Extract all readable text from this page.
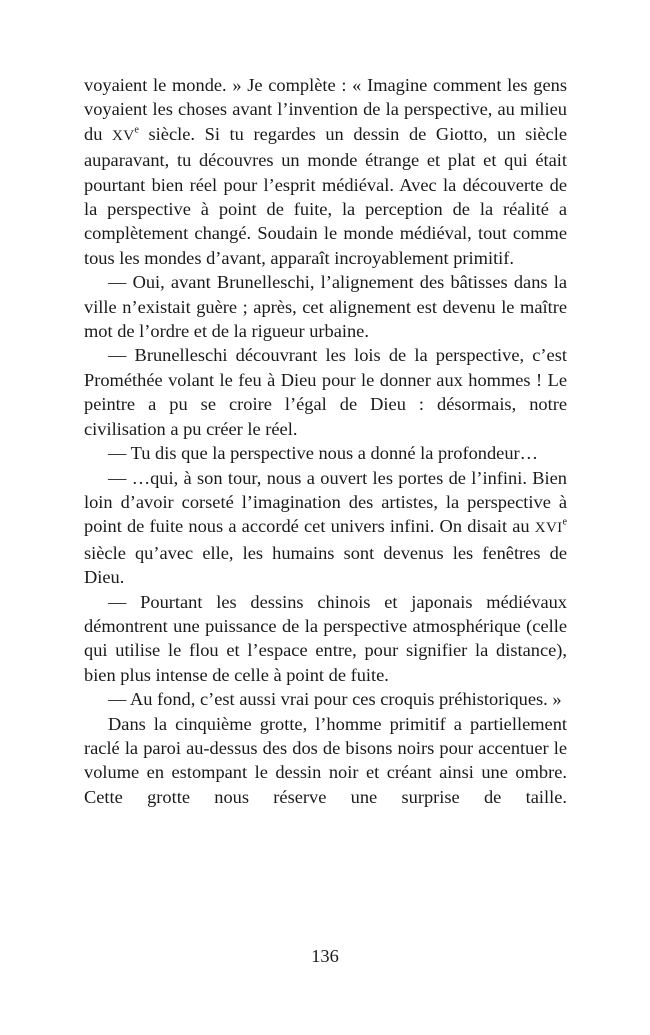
voyaient le monde. » Je complète : « Imagine comment les gens voyaient les choses avant l’invention de la perspective, au milieu du XVe siècle. Si tu regardes un dessin de Giotto, un siècle auparavant, tu découvres un monde étrange et plat et qui était pourtant bien réel pour l’esprit médiéval. Avec la découverte de la perspective à point de fuite, la perception de la réalité a complètement changé. Soudain le monde médiéval, tout comme tous les mondes d’avant, apparaît incroyablement primitif.

— Oui, avant Brunelleschi, l’alignement des bâtisses dans la ville n’existait guère ; après, cet alignement est devenu le maître mot de l’ordre et de la rigueur urbaine.

— Brunelleschi découvrant les lois de la perspective, c’est Prométhée volant le feu à Dieu pour le donner aux hommes ! Le peintre a pu se croire l’égal de Dieu : désormais, notre civilisation a pu créer le réel.

— Tu dis que la perspective nous a donné la profondeur…

— …qui, à son tour, nous a ouvert les portes de l’infini. Bien loin d’avoir corseté l’imagination des artistes, la perspective à point de fuite nous a accordé cet univers infini. On disait au XVIe siècle qu’avec elle, les humains sont devenus les fenêtres de Dieu.

— Pourtant les dessins chinois et japonais médiévaux démontrent une puissance de la perspective atmosphérique (celle qui utilise le flou et l’espace entre, pour signifier la distance), bien plus intense de celle à point de fuite.

— Au fond, c’est aussi vrai pour ces croquis préhistoriques. »

Dans la cinquième grotte, l’homme primitif a partiellement raclé la paroi au-dessus des dos de bisons noirs pour accentuer le volume en estompant le dessin noir et créant ainsi une ombre. Cette grotte nous réserve une surprise de taille.

136
